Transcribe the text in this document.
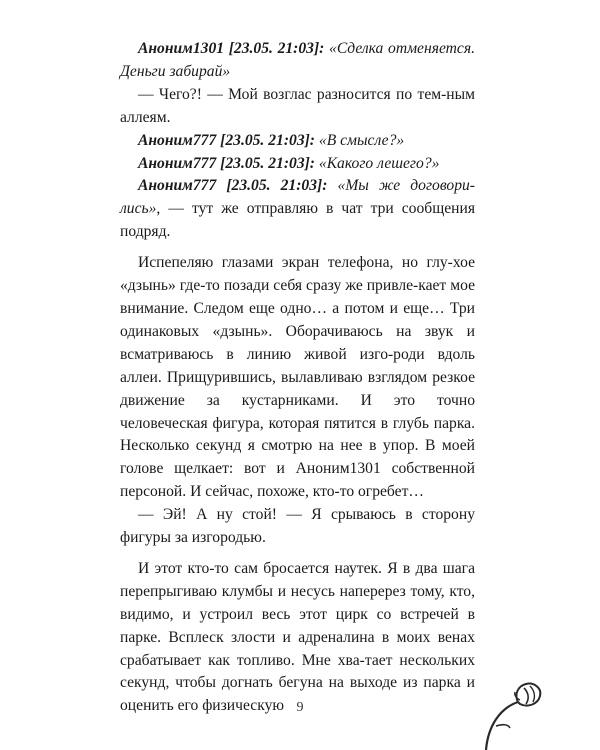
Аноним1301 [23.05. 21:03]: «Сделка отменяется. Деньги забирай»

— Чего?! — Мой возглас разносится по тем-ным аллеям.

Аноним777 [23.05. 21:03]: «В смысле?»

Аноним777 [23.05. 21:03]: «Какого лешего?»

Аноним777 [23.05. 21:03]: «Мы же договори-лись», — тут же отправляю в чат три сообщения подряд.

Испепеляю глазами экран телефона, но глу-хое «дзынь» где-то позади себя сразу же привле-кает мое внимание. Следом еще одно… а потом и еще… Три одинаковых «дзынь». Оборачиваюсь на звук и всматриваюсь в линию живой изго-роди вдоль аллеи. Прищурившись, вылавливаю взглядом резкое движение за кустарниками. И это точно человеческая фигура, которая пятится в глубь парка. Несколько секунд я смотрю на нее в упор. В моей голове щелкает: вот и Аноним1301 собственной персоной. И сейчас, похоже, кто-то огребет…

— Эй! А ну стой! — Я срываюсь в сторону фигуры за изгородью.

И этот кто-то сам бросается наутек. Я в два шага перепрыгиваю клумбы и несусь наперерез тому, кто, видимо, и устроил весь этот цирк со встречей в парке. Всплеск злости и адреналина в моих венах срабатывает как топливо. Мне хва-тает нескольких секунд, чтобы догнать бегуна на выходе из парка и оценить его физическую 9
